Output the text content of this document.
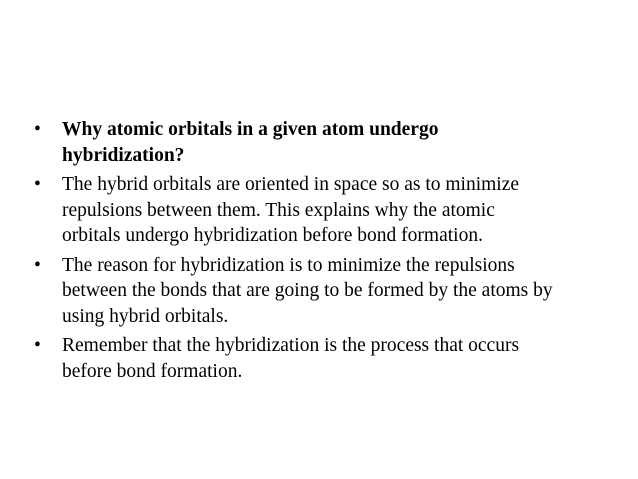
•	Why atomic orbitals in a given atom undergo
hybridization?
•	The hybrid orbitals are oriented in space so as to minimize
repulsions between them. This explains why the atomic
orbitals undergo hybridization before bond formation.
•	The reason for hybridization is to minimize the repulsions
between the bonds that are going to be formed by the atoms by
using hybrid orbitals.
•	Remember that the hybridization is the process that occurs
before bond formation.
